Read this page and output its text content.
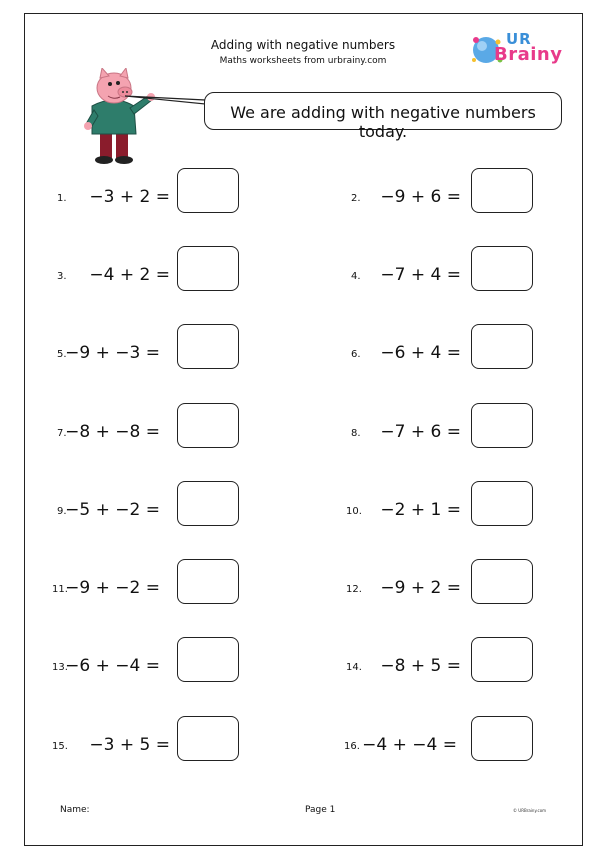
Adding with negative numbers
Maths worksheets from urbrainy.com
UR
Brainy
We are adding with negative numbers today.
1.	−3 + 2 =
3.	−4 + 2 =
5.
−9 + −3 =
7.
−8 + −8 =
9.
−5 + −2 =
11.
−9 + −2 =
13.
−6 + −4 =
15.	−3 + 5 =
2.	−9 + 6 =
4.	−7 + 4 =
6.	−6 + 4 =
8.	−7 + 6 =
10.	−2 + 1 =
12.	−9 + 2 =
14.	−8 + 5 =
16. −4 + −4 =
Name:	Page 1	© URBrainy.com
